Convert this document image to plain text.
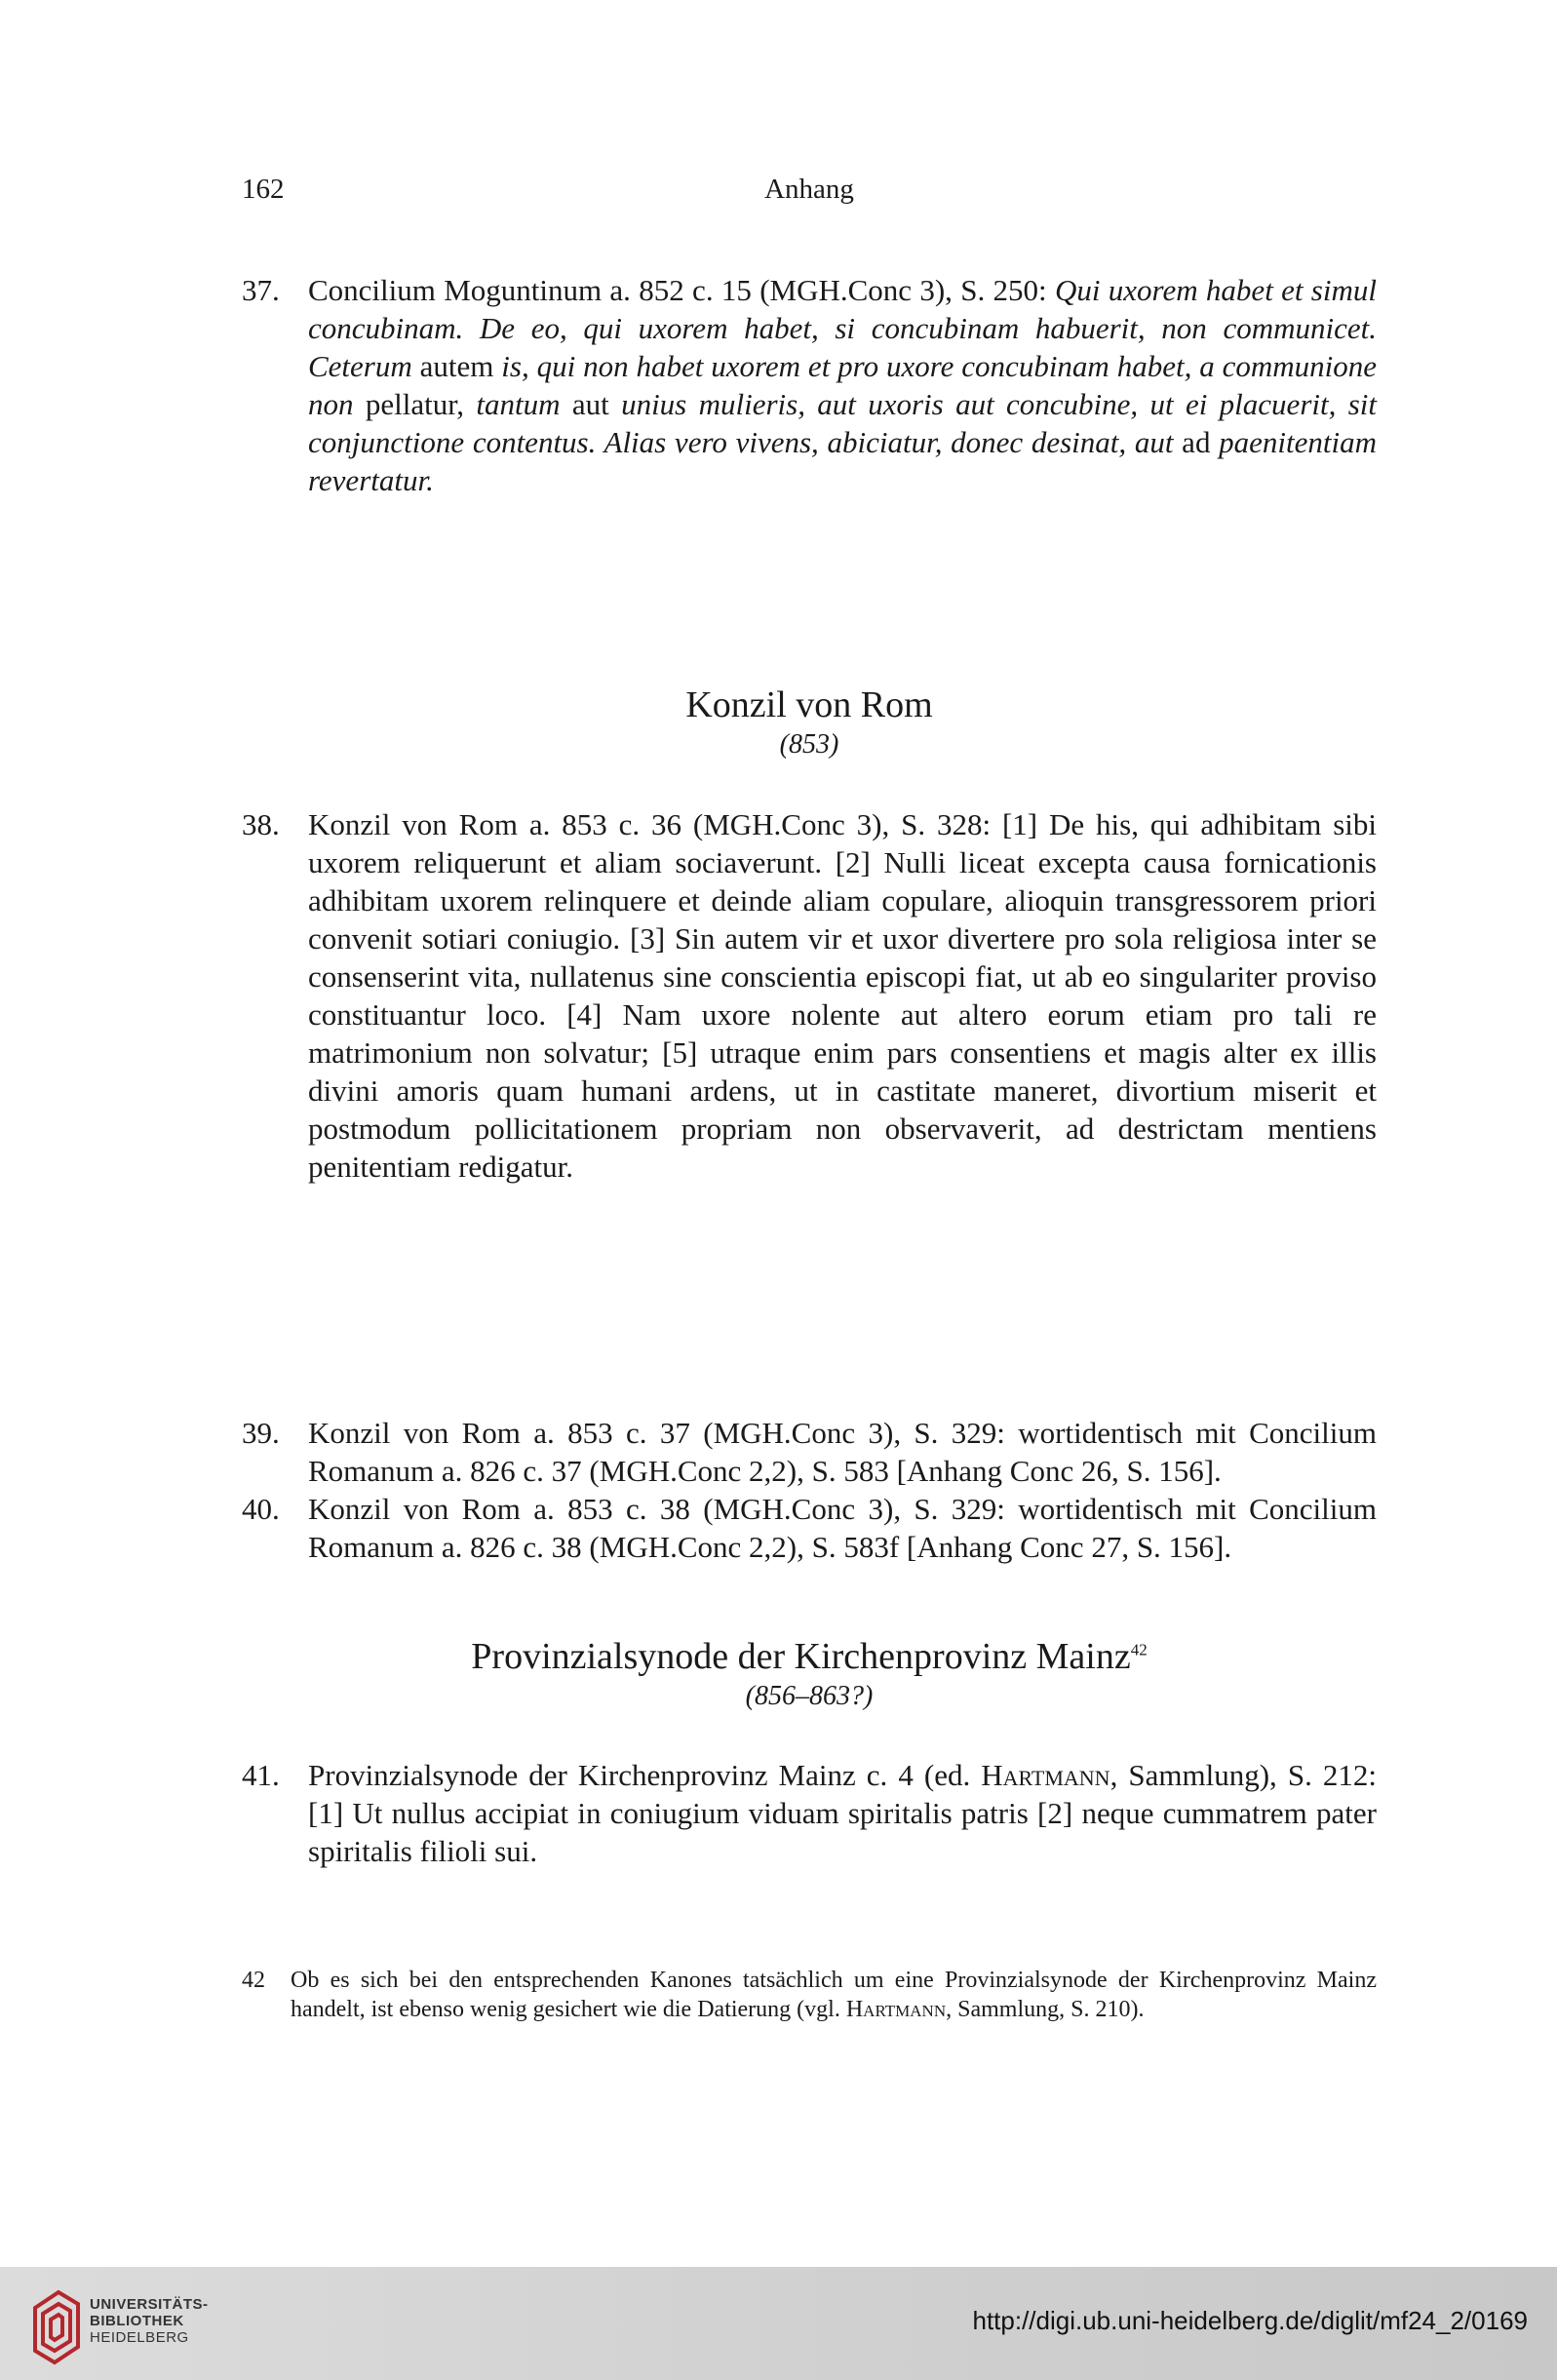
162	Anhang
37. Concilium Moguntinum a. 852 c. 15 (MGH.Conc 3), S. 250: Qui uxorem habet et simul concubinam. De eo, qui uxorem habet, si concubinam habuerit, non communicet. Ceterum autem is, qui non habet uxorem et pro uxore concubinam habet, a communione non pellatur, tantum aut unius mulieris, aut uxoris aut concubine, ut ei placuerit, sit conjunctione contentus. Alias vero vivens, abiciatur, donec desinat, aut ad paenitentiam revertatur.
Konzil von Rom
(853)
38. Konzil von Rom a. 853 c. 36 (MGH.Conc 3), S. 328: [1] De his, qui adhibitam sibi uxorem reliquerunt et aliam sociaverunt. [2] Nulli liceat excepta causa fornicationis adhibitam uxorem relinquere et deinde aliam copulare, alioquin transgressorem priori convenit sotiari coniugio. [3] Sin autem vir et uxor divertere pro sola religiosa inter se consenserint vita, nullatenus sine conscientia episcopi fiat, ut ab eo singulariter proviso constituantur loco. [4] Nam uxore nolente aut altero eorum etiam pro tali re matrimonium non solvatur; [5] utraque enim pars consentiens et magis alter ex illis divini amoris quam humani ardens, ut in castitate maneret, divortium miserit et postmodum pollicitationem propriam non observaverit, ad destrictam mentiens penitentiam redigatur.
39. Konzil von Rom a. 853 c. 37 (MGH.Conc 3), S. 329: wortidentisch mit Concilium Romanum a. 826 c. 37 (MGH.Conc 2,2), S. 583 [Anhang Conc 26, S. 156].
40. Konzil von Rom a. 853 c. 38 (MGH.Conc 3), S. 329: wortidentisch mit Concilium Romanum a. 826 c. 38 (MGH.Conc 2,2), S. 583f [Anhang Conc 27, S. 156].
Provinzialsynode der Kirchenprovinz Mainz$^{42}$
(856–863?)
41. Provinzialsynode der Kirchenprovinz Mainz c. 4 (ed. Hartmann, Sammlung), S. 212: [1] Ut nullus accipiat in coniugium viduam spiritalis patris [2] neque cummatrem pater spiritalis filioli sui.
42 Ob es sich bei den entsprechenden Kanones tatsächlich um eine Provinzialsynode der Kirchenprovinz Mainz handelt, ist ebenso wenig gesichert wie die Datierung (vgl. Hartmann, Sammlung, S. 210).
UNIVERSITÄTS-
BIBLIOTHEK
HEIDELBERG
http://digi.ub.uni-heidelberg.de/diglit/mf24_2/0169
